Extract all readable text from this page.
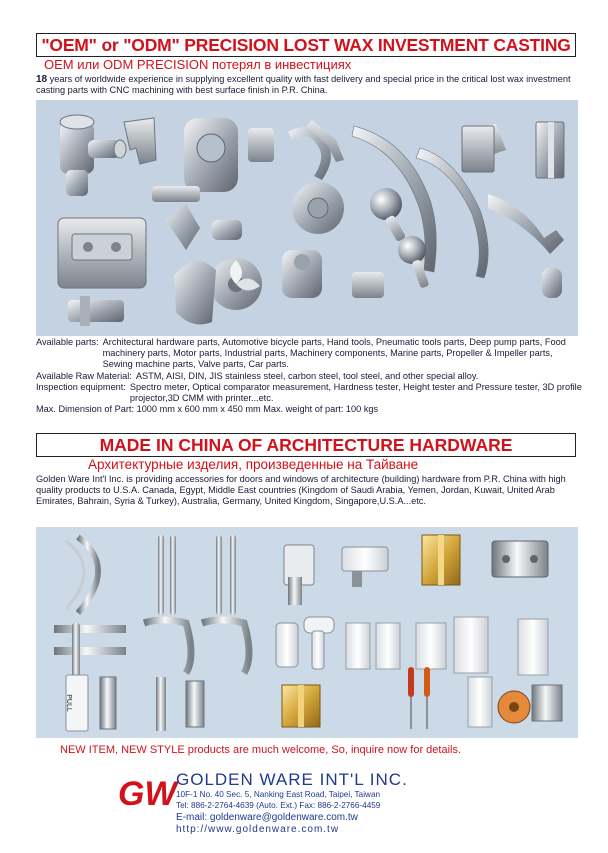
"OEM" or "ODM" PRECISION LOST WAX INVESTMENT CASTING
OEM или ODM PRECISION потерял в инвестициях
18 years of worldwide experience in supplying excellent quality with fast delivery and special price in the critical lost wax investment casting parts with CNC machining with best surface finish in P.R. China.
Available parts: Architectural hardware parts, Automotive bicycle parts, Hand tools, Pneumatic tools parts, Deep pump parts, Food machinery parts, Motor parts, Industrial parts, Machinery components, Marine parts, Propeller & Impeller parts, Sewing machine parts, Valve parts, Car parts.
Available Raw Material: ASTM, AISI, DIN, JIS stainless steel, carbon steel, tool steel, and other special alloy.
Inspection equipment: Spectro meter, Optical comparator measurement, Hardness tester, Height tester and Pressure tester, 3D profile projector,3D CMM with printer...etc.
Max. Dimension of Part: 1000 mm x 600 mm x 450 mm Max. weight of part: 100 kgs
MADE IN CHINA OF ARCHITECTURE HARDWARE
Архитектурные изделия, произведенные на Тайване
Golden Ware Int'l Inc. is providing accessories for doors and windows of architecture (building) hardware from P.R. China with high quality products to U.S.A. Canada, Egypt, Middle East countries (Kingdom of Saudi Arabia, Yemen, Jordan, Kuwait, United Arab Emirates, Bahrain, Syria & Turkey), Australia, Germany, United Kingdom, Singapore,U.S.A...etc.
PULL
NEW ITEM, NEW STYLE products are much welcome, So, inquire now for details.
GW GOLDEN WARE INT'L INC.
10F-1 No. 40 Sec. 5, Nanking East Road, Taipei, Taiwan
Tel: 886-2-2764-4639 (Auto. Ext.) Fax: 886-2-2766-4459
E-mail: goldenware@goldenware.com.tw
http://www.goldenware.com.tw
